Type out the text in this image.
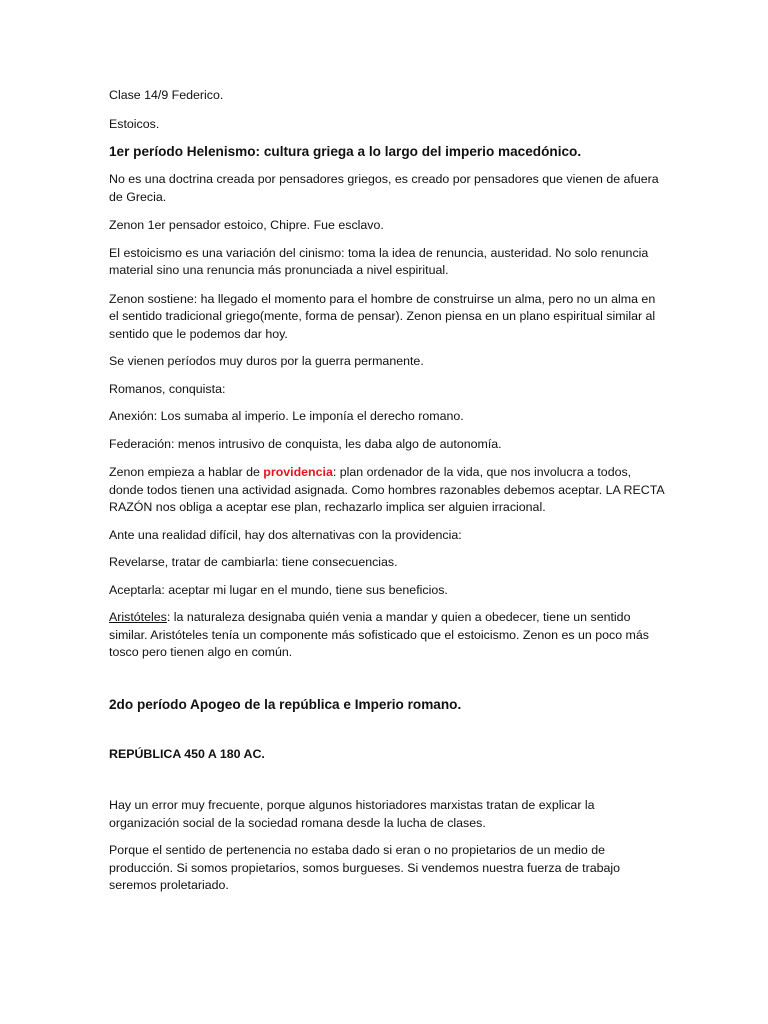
Clase 14/9 Federico.

Estoicos.

1er período Helenismo: cultura griega a lo largo del imperio macedónico.

No es una doctrina creada por pensadores griegos, es creado por pensadores que vienen de afuera de Grecia.

Zenon 1er pensador estoico, Chipre. Fue esclavo.

El estoicismo es una variación del cinismo: toma la idea de renuncia, austeridad. No solo renuncia material sino una renuncia más pronunciada a nivel espiritual.

Zenon sostiene: ha llegado el momento para el hombre de construirse un alma, pero no un alma en el sentido tradicional griego(mente, forma de pensar). Zenon piensa en un plano espiritual similar al sentido que le podemos dar hoy.

Se vienen períodos muy duros por la guerra permanente.

Romanos, conquista:

Anexión: Los sumaba al imperio. Le imponía el derecho romano.

Federación: menos intrusivo de conquista, les daba algo de autonomía.

Zenon empieza a hablar de providencia: plan ordenador de la vida, que nos involucra a todos, donde todos tienen una actividad asignada. Como hombres razonables debemos aceptar. LA RECTA RAZÓN nos obliga a aceptar ese plan, rechazarlo implica ser alguien irracional.

Ante una realidad difícil, hay dos alternativas con la providencia:

Revelarse, tratar de cambiarla: tiene consecuencias.

Aceptarla: aceptar mi lugar en el mundo, tiene sus beneficios.

Aristóteles: la naturaleza designaba quién venia a mandar y quien a obedecer, tiene un sentido similar. Aristóteles tenía un componente más sofisticado que el estoicismo. Zenon es un poco más tosco pero tienen algo en común.

2do período Apogeo de la república e Imperio romano.

REPÚBLICA 450 A 180 AC.

Hay un error muy frecuente, porque algunos historiadores marxistas tratan de explicar la organización social de la sociedad romana desde la lucha de clases.

Porque el sentido de pertenencia no estaba dado si eran o no propietarios de un medio de producción. Si somos propietarios, somos burgueses. Si vendemos nuestra fuerza de trabajo seremos proletariado.
